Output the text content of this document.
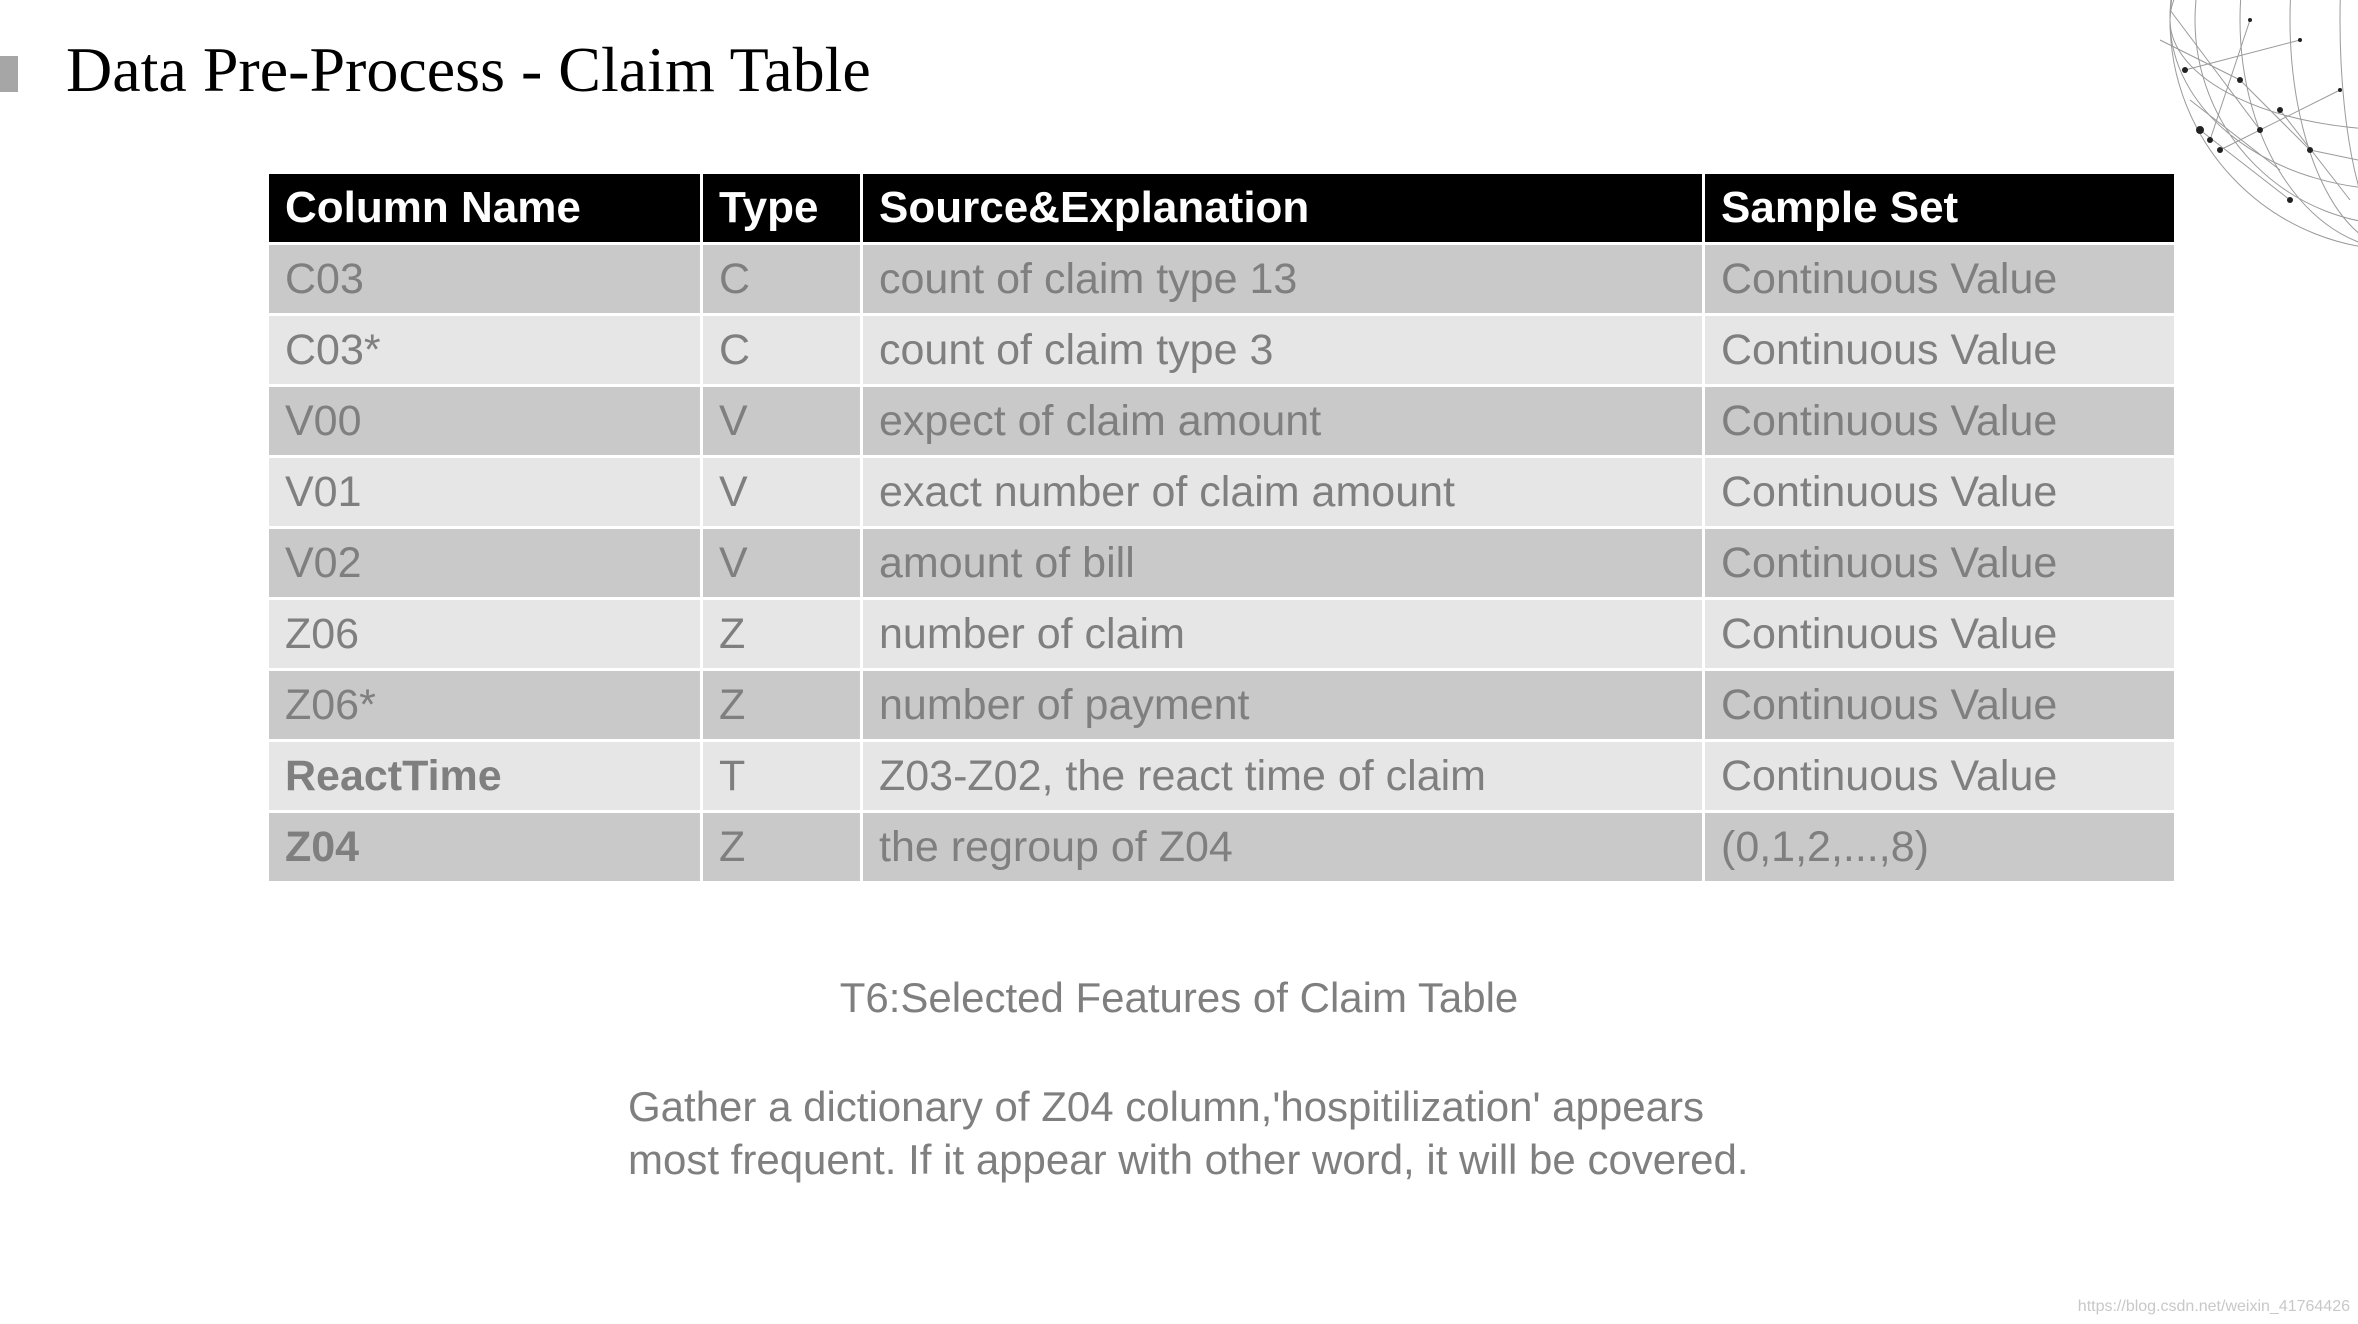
Data Pre-Process - Claim Table
Column Name	Type	Source&Explanation	Sample Set
C03	C	count of claim type 13	Continuous Value
C03*	C	count of claim type 3	Continuous Value
V00	V	expect of claim amount	Continuous Value
V01	V	exact number of claim amount	Continuous Value
V02	V	amount of bill	Continuous Value
Z06	Z	number of claim	Continuous Value
Z06*	Z	number of payment	Continuous Value
ReactTime	T	Z03-Z02, the react time of claim	Continuous Value
Z04	Z	the regroup of Z04	(0,1,2,...,8)
T6:Selected Features of Claim Table
Gather a dictionary of Z04 column,'hospitilization' appears
most frequent. If it appear with other word, it will be covered.
https://blog.csdn.net/weixin_41764426
